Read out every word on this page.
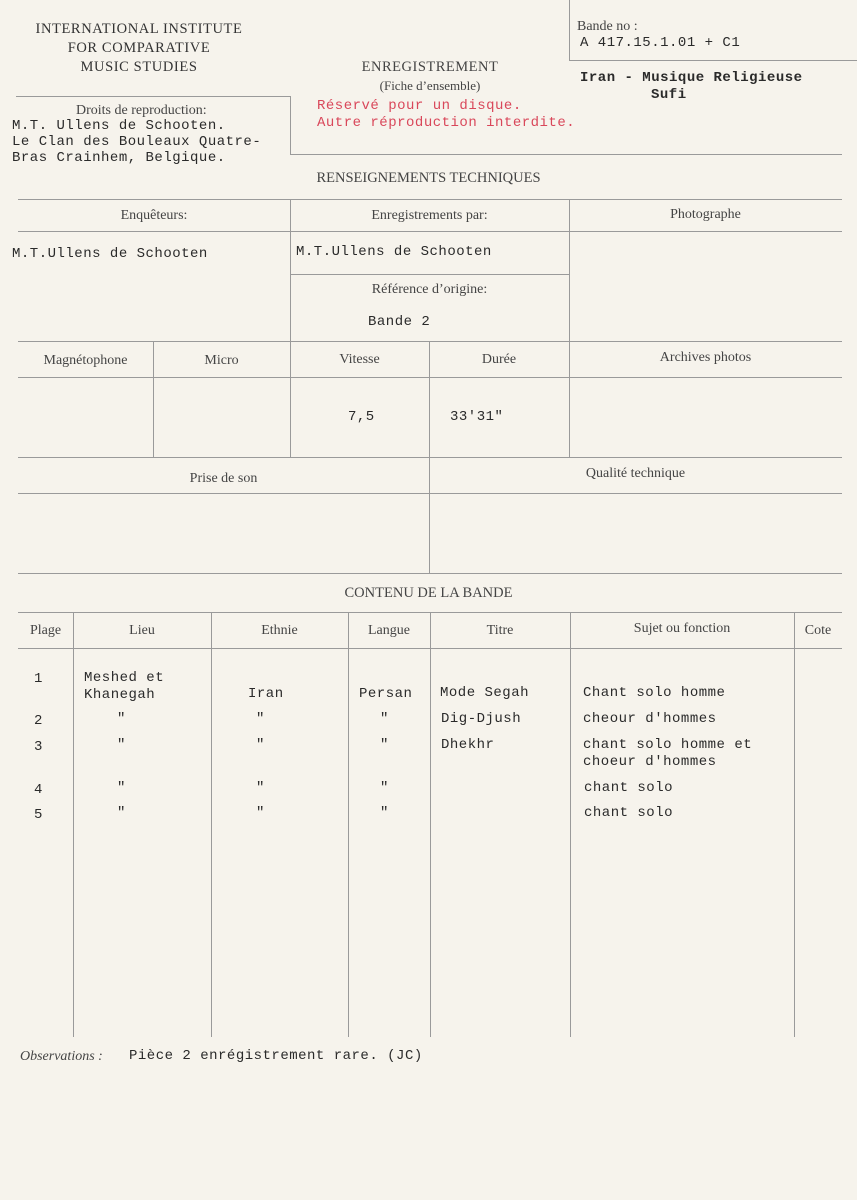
INTERNATIONAL INSTITUTE
FOR COMPARATIVE
MUSIC STUDIES
Bande no :
A 417.15.1.01 + C1
ENREGISTREMENT
(Fiche d’ensemble)	Iran - Musique Religieuse
Sufi
Droits de reproduction:
M.T. Ullens de Schooten.
Le Clan des Bouleaux Quatre-
Bras Crainhem, Belgique.
Réservé pour un disque.
Autre réproduction interdite.
RENSEIGNEMENTS TECHNIQUES
Enquêteurs:	Enregistrements par:	Photographe
M.T.Ullens de Schooten	M.T.Ullens de Schooten
Référence d’origine:
Bande 2
Magnétophone	Micro	Vitesse	Durée	Archives photos
7,5	33'31"
Prise de son	Qualité technique
CONTENU DE LA BANDE
Plage	Lieu	Ethnie	Langue	Titre	Sujet ou fonction	Cote
1	Meshed et
Khanegah	Iran	Persan Mode Segah	Chant solo homme
2	"	"	"	Dig-Djush	cheour d'hommes
3	"	"	"	Dhekhr	chant solo homme et
choeur d'hommes
4	"	"	"	chant solo
5	"	"	"	chant solo
Observations : Pièce 2 enrégistrement rare. (JC)
